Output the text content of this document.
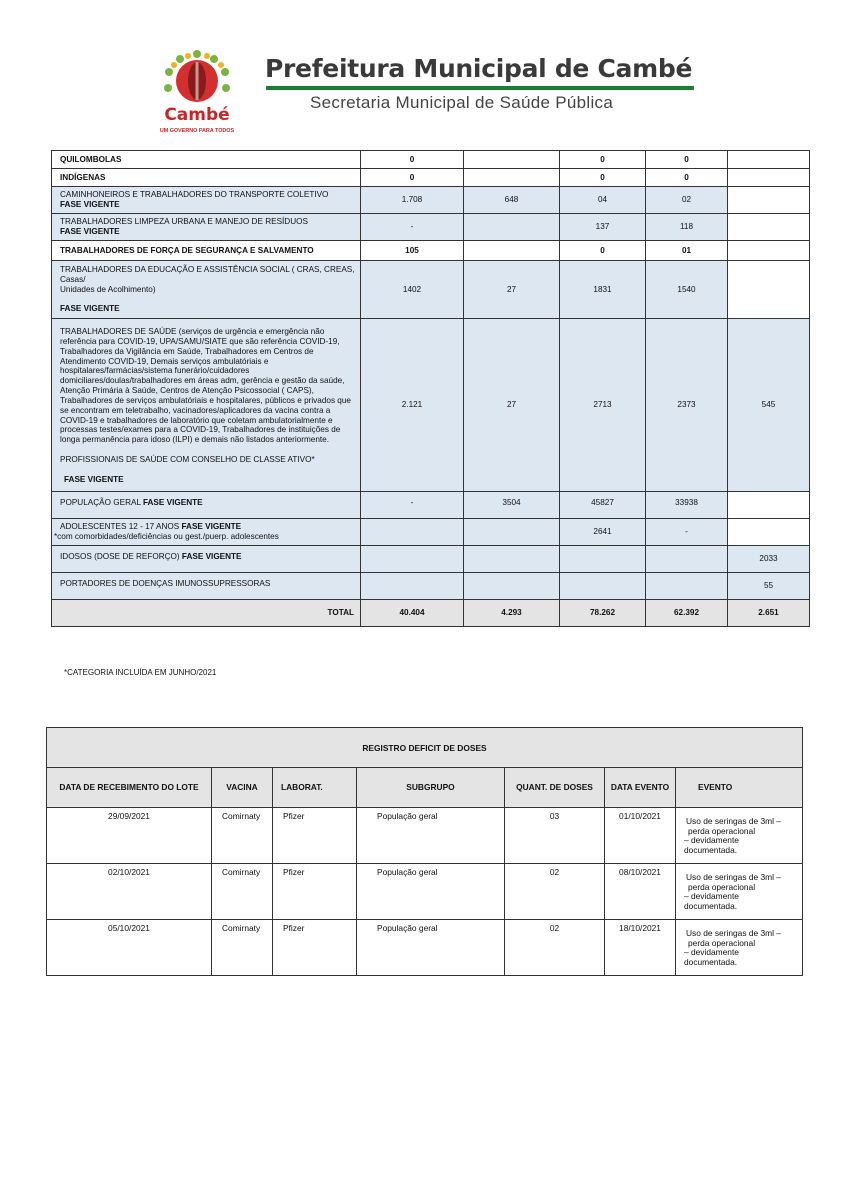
Cambé
UM GOVERNO PARA TODOS
Prefeitura Municipal de Cambé
Secretaria Municipal de Saúde Pública
QUILOMBOLAS	0		0	0	
INDÍGENAS	0		0	0	

CAMINHONEIROS E TRABALHADORES DO TRANSPORTE COLETIVO
FASE VIGENTE	1.708	648	04	02	

TRABALHADORES LIMPEZA URBANA E MANEJO DE RESÍDUOS
FASE VIGENTE	-		137	118	
TRABALHADORES DE FORÇA DE SEGURANÇA E SALVAMENTO	105		0	01	

TRABALHADORES DA EDUCAÇÃO E ASSISTÊNCIA SOCIAL ( CRAS, CREAS, Casas/
Unidades de Acolhimento)
FASE VIGENTE	1402	27	1831	1540	

TRABALHADORES DE SAÚDE (serviços de urgência e emergência não referência para COVID-19, UPA/SAMU/SIATE que são referência COVID-19, Trabalhadores da Vigilância em Saúde, Trabalhadores em Centros de Atendimento COVID-19, Demais serviços ambulatóriais e hospitalares/farmácias/sistema funerário/cuidadores domiciliares/doulas/trabalhadores em áreas adm, gerência e gestão da saúde, Atenção Primária à Saúde, Centros de Atenção Psicossocial ( CAPS), Trabalhadores de serviços ambulatóriais e hospitalares, públicos e privados que se encontram em teletrabalho, vacinadores/aplicadores da vacina contra a COVID-19 e trabalhadores de laboratório que coletam ambulatorialmente e processas testes/exames para a COVID-19, Trabalhadores de instituições de longa permanência para idoso (ILPI) e demais não listados anteriormente.
PROFISSIONAIS DE SAÚDE COM CONSELHO DE CLASSE ATIVO*
FASE VIGENTE	2.121	27	2713	2373	545
POPULAÇÃO GERAL FASE VIGENTE	-	3504	45827	33938	

ADOLESCENTES 12 - 17 ANOS FASE VIGENTE
*com comorbidades/deficiências ou gest./puerp. adolescentes			2641	-	
IDOSOS (DOSE DE REFORÇO) FASE VIGENTE					2033
PORTADORES DE DOENÇAS IMUNOSSUPRESSORAS					55
TOTAL	40.404	4.293	78.262	62.392	2.651
*CATEGORIA INCLUÍDA EM JUNHO/2021
REGISTRO DEFICIT DE DOSES						
DATA DE RECEBIMENTO DO LOTE	VACINA	LABORAT.	SUBGRUPO	QUANT. DE DOSES	DATA EVENTO	EVENTO
29/09/2021	Comirnaty	Pfizer	População geral	03	01/10/2021	Uso de seringas de 3ml –
perda operacional
– devidamente
documentada.

02/10/2021	Comirnaty	Pfizer	População geral	02	08/10/2021	Uso de seringas de 3ml –
perda operacional
– devidamente
documentada.

05/10/2021	Comirnaty	Pfizer	População geral	02	18/10/2021	Uso de seringas de 3ml –
perda operacional
– devidamente
documentada.
